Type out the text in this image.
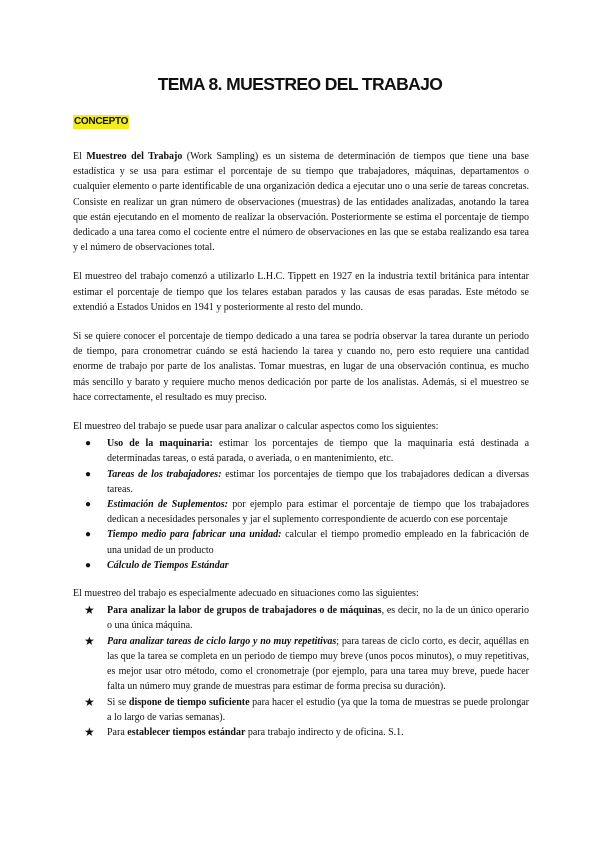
TEMA 8. MUESTREO DEL TRABAJO
CONCEPTO

El Muestreo del Trabajo (Work Sampling) es un sistema de determinación de tiempos que tiene una base estadística y se usa para estimar el porcentaje de su tiempo que trabajadores, máquinas, departamentos o cualquier elemento o parte identificable de una organización dedica a ejecutar uno o una serie de tareas concretas. Consiste en realizar un gran número de observaciones (muestras) de las entidades analizadas, anotando la tarea que están ejecutando en el momento de realizar la observación. Posteriormente se estima el porcentaje de tiempo dedicado a una tarea como el cociente entre el número de observaciones en las que se estaba realizando esa tarea y el número de observaciones total.

El muestreo del trabajo comenzó a utilizarlo L.H.C. Tippett en 1927 en la industria textil británica para intentar estimar el porcentaje de tiempo que los telares estaban parados y las causas de esas paradas. Este método se extendió a Estados Unidos en 1941 y posteriormente al resto del mundo.

Si se quiere conocer el porcentaje de tiempo dedicado a una tarea se podría observar la tarea durante un periodo de tiempo, para cronometrar cuándo se está haciendo la tarea y cuando no, pero esto requiere una cantidad enorme de trabajo por parte de los analistas. Tomar muestras, en lugar de una observación continua, es mucho más sencillo y barato y requiere mucho menos dedicación por parte de los analistas. Además, si el muestreo se hace correctamente, el resultado es muy preciso.

El muestreo del trabajo se puede usar para analizar o calcular aspectos como los siguientes:

● Uso de la maquinaria: estimar los porcentajes de tiempo que la maquinaria está destinada a determinadas tareas, o está parada, o averiada, o en mantenimiento, etc.
● Tareas de los trabajadores: estimar los porcentajes de tiempo que los trabajadores dedican a diversas tareas.
● Estimación de Suplementos: por ejemplo para estimar el porcentaje de tiempo que los trabajadores dedican a necesidades personales y jar el suplemento correspondiente de acuerdo con ese porcentaje
● Tiempo medio para fabricar una unidad: calcular el tiempo promedio empleado en la fabricación de una unidad de un producto
● Cálculo de Tiempos Estándar

El muestreo del trabajo es especialmente adecuado en situaciones como las siguientes:

★ Para analizar la labor de grupos de trabajadores o de máquinas, es decir, no la de un único operario o una única máquina.
★ Para analizar tareas de ciclo largo y no muy repetitivas; para tareas de ciclo corto, es decir, aquéllas en las que la tarea se completa en un periodo de tiempo muy breve (unos pocos minutos), o muy repetitivas, es mejor usar otro método, como el cronometraje (por ejemplo, para una tarea muy breve, puede hacer falta un número muy grande de muestras para estimar de forma precisa su duración).
★ Si se dispone de tiempo suficiente para hacer el estudio (ya que la toma de muestras se puede prolongar a lo largo de varias semanas).
★ Para establecer tiempos estándar para trabajo indirecto y de oficina. S.1.
